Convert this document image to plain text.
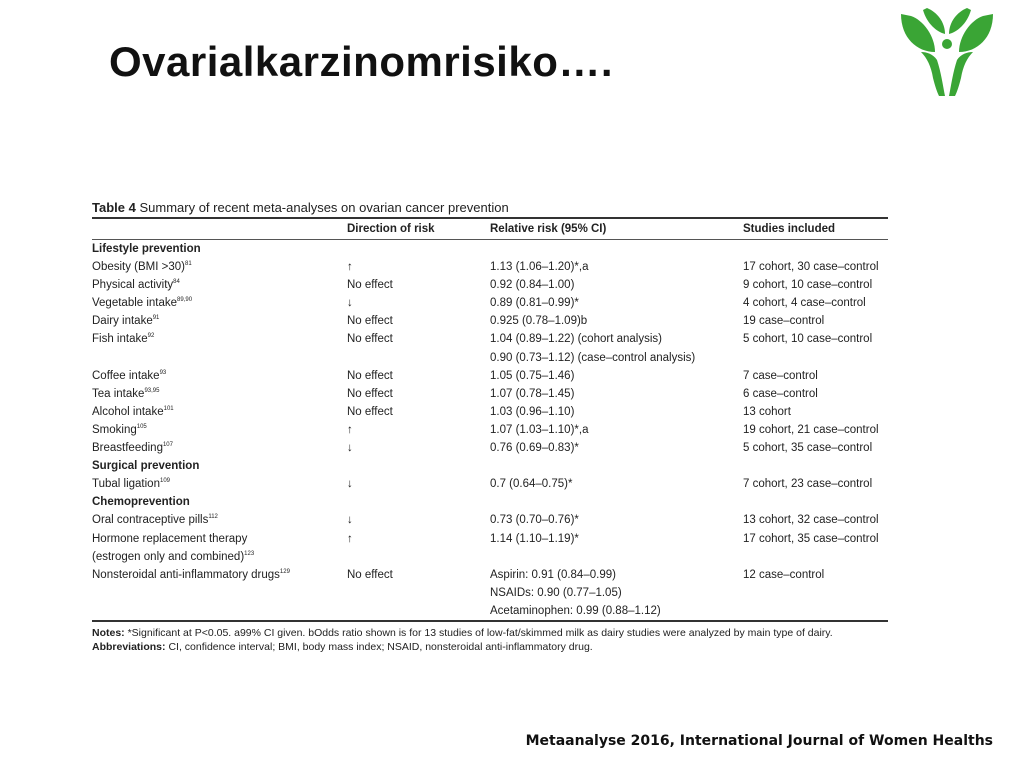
Ovarialkarzinomrisiko….
Table 4 Summary of recent meta-analyses on ovarian cancer prevention
	Direction of risk	Relative risk (95% CI)	Studies included
Lifestyle prevention			
Obesity (BMI >30)$^{81}$	↑	1.13 (1.06–1.20)*,a	17 cohort, 30 case–control
Physical activity$^{84}$	No effect	0.92 (0.84–1.00)	9 cohort, 10 case–control
Vegetable intake$^{89,90}$	↓	0.89 (0.81–0.99)*	4 cohort, 4 case–control
Dairy intake$^{91}$	No effect	0.925 (0.78–1.09)b	19 case–control
Fish intake$^{92}$	No effect	1.04 (0.89–1.22) (cohort analysis)	5 cohort, 10 case–control
		0.90 (0.73–1.12) (case–control analysis)	
Coffee intake$^{93}$	No effect	1.05 (0.75–1.46)	7 case–control
Tea intake$^{93,95}$	No effect	1.07 (0.78–1.45)	6 case–control
Alcohol intake$^{101}$	No effect	1.03 (0.96–1.10)	13 cohort
Smoking$^{105}$	↑	1.07 (1.03–1.10)*,a	19 cohort, 21 case–control
Breastfeeding$^{107}$	↓	0.76 (0.69–0.83)*	5 cohort, 35 case–control
Surgical prevention			
Tubal ligation$^{109}$	↓	0.7 (0.64–0.75)*	7 cohort, 23 case–control
Chemoprevention			
Oral contraceptive pills$^{112}$	↓	0.73 (0.70–0.76)*	13 cohort, 32 case–control
Hormone replacement therapy	↑	1.14 (1.10–1.19)*	17 cohort, 35 case–control
(estrogen only and combined)$^{123}$			
Nonsteroidal anti-inflammatory drugs$^{129}$	No effect	Aspirin: 0.91 (0.84–0.99)	12 case–control
		NSAIDs: 0.90 (0.77–1.05)	
		Acetaminophen: 0.99 (0.88–1.12)	
Notes: *Significant at P<0.05. a99% CI given. bOdds ratio shown is for 13 studies of low-fat/skimmed milk as dairy studies were analyzed by main type of dairy.
Abbreviations: CI, confidence interval; BMI, body mass index; NSAID, nonsteroidal anti-inflammatory drug.
Metaanalyse 2016, International Journal of Women Healths
